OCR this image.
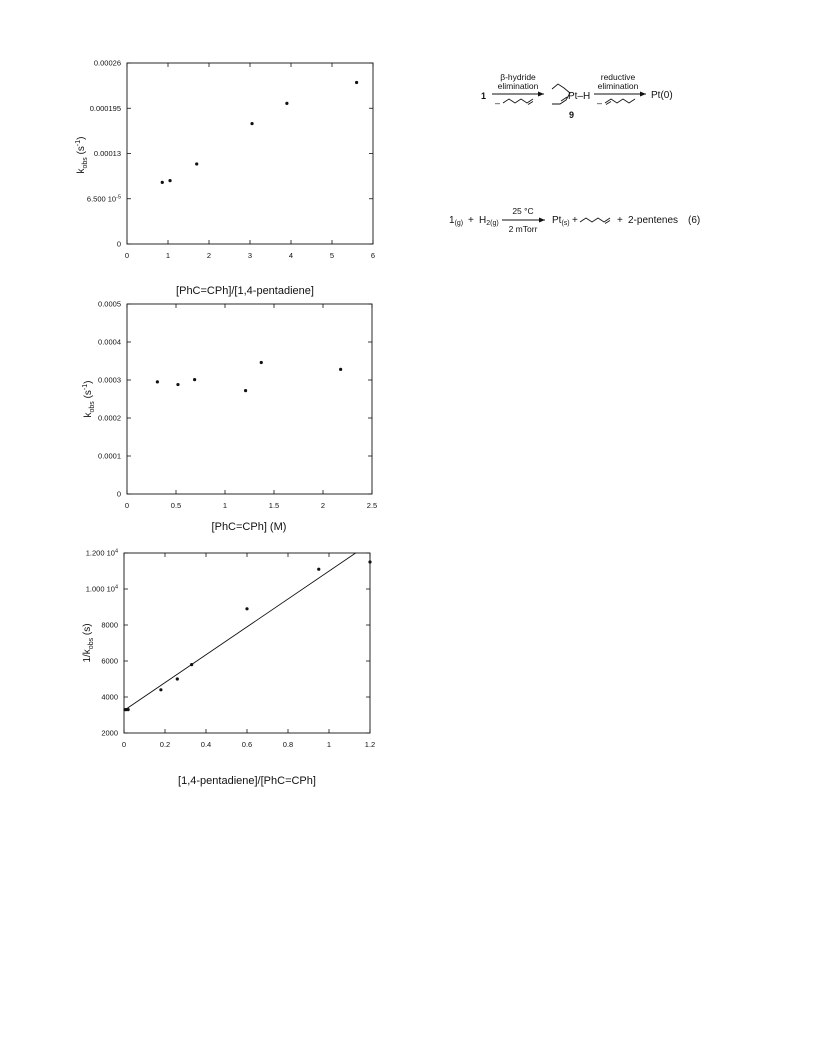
0	1	2	3	4	5	6
0
6.500 $10^{-5}$
0.00013
0.000195
0.00026
[PhC=CPh]/[1,4-pentadiene]
$k_{obs}$ $(s^{-1})$
0	0.5	1	1.5	2	2.5
0
0.0001
0.0002
0.0003
0.0004
0.0005
[PhC=CPh] (M)
$k_{obs}$ $(s^{-1})$
0	0.2	0.4	0.6	0.8	1	1.2
2000
4000
6000
8000
1.000 $10^4$
1.200 $10^4$
[1,4-pentadiene]/[PhC=CPh]
$1/k_{obs}$ (s)
1
β-hydride
elimination
–
Pt–H
9
reductive
elimination
–
Pt(0)
$1_{(g)} + H_{2(g)}$
25 °C
2 mTorr
$Pt_{(s)}$ +	+ 2-pentenes (6)
